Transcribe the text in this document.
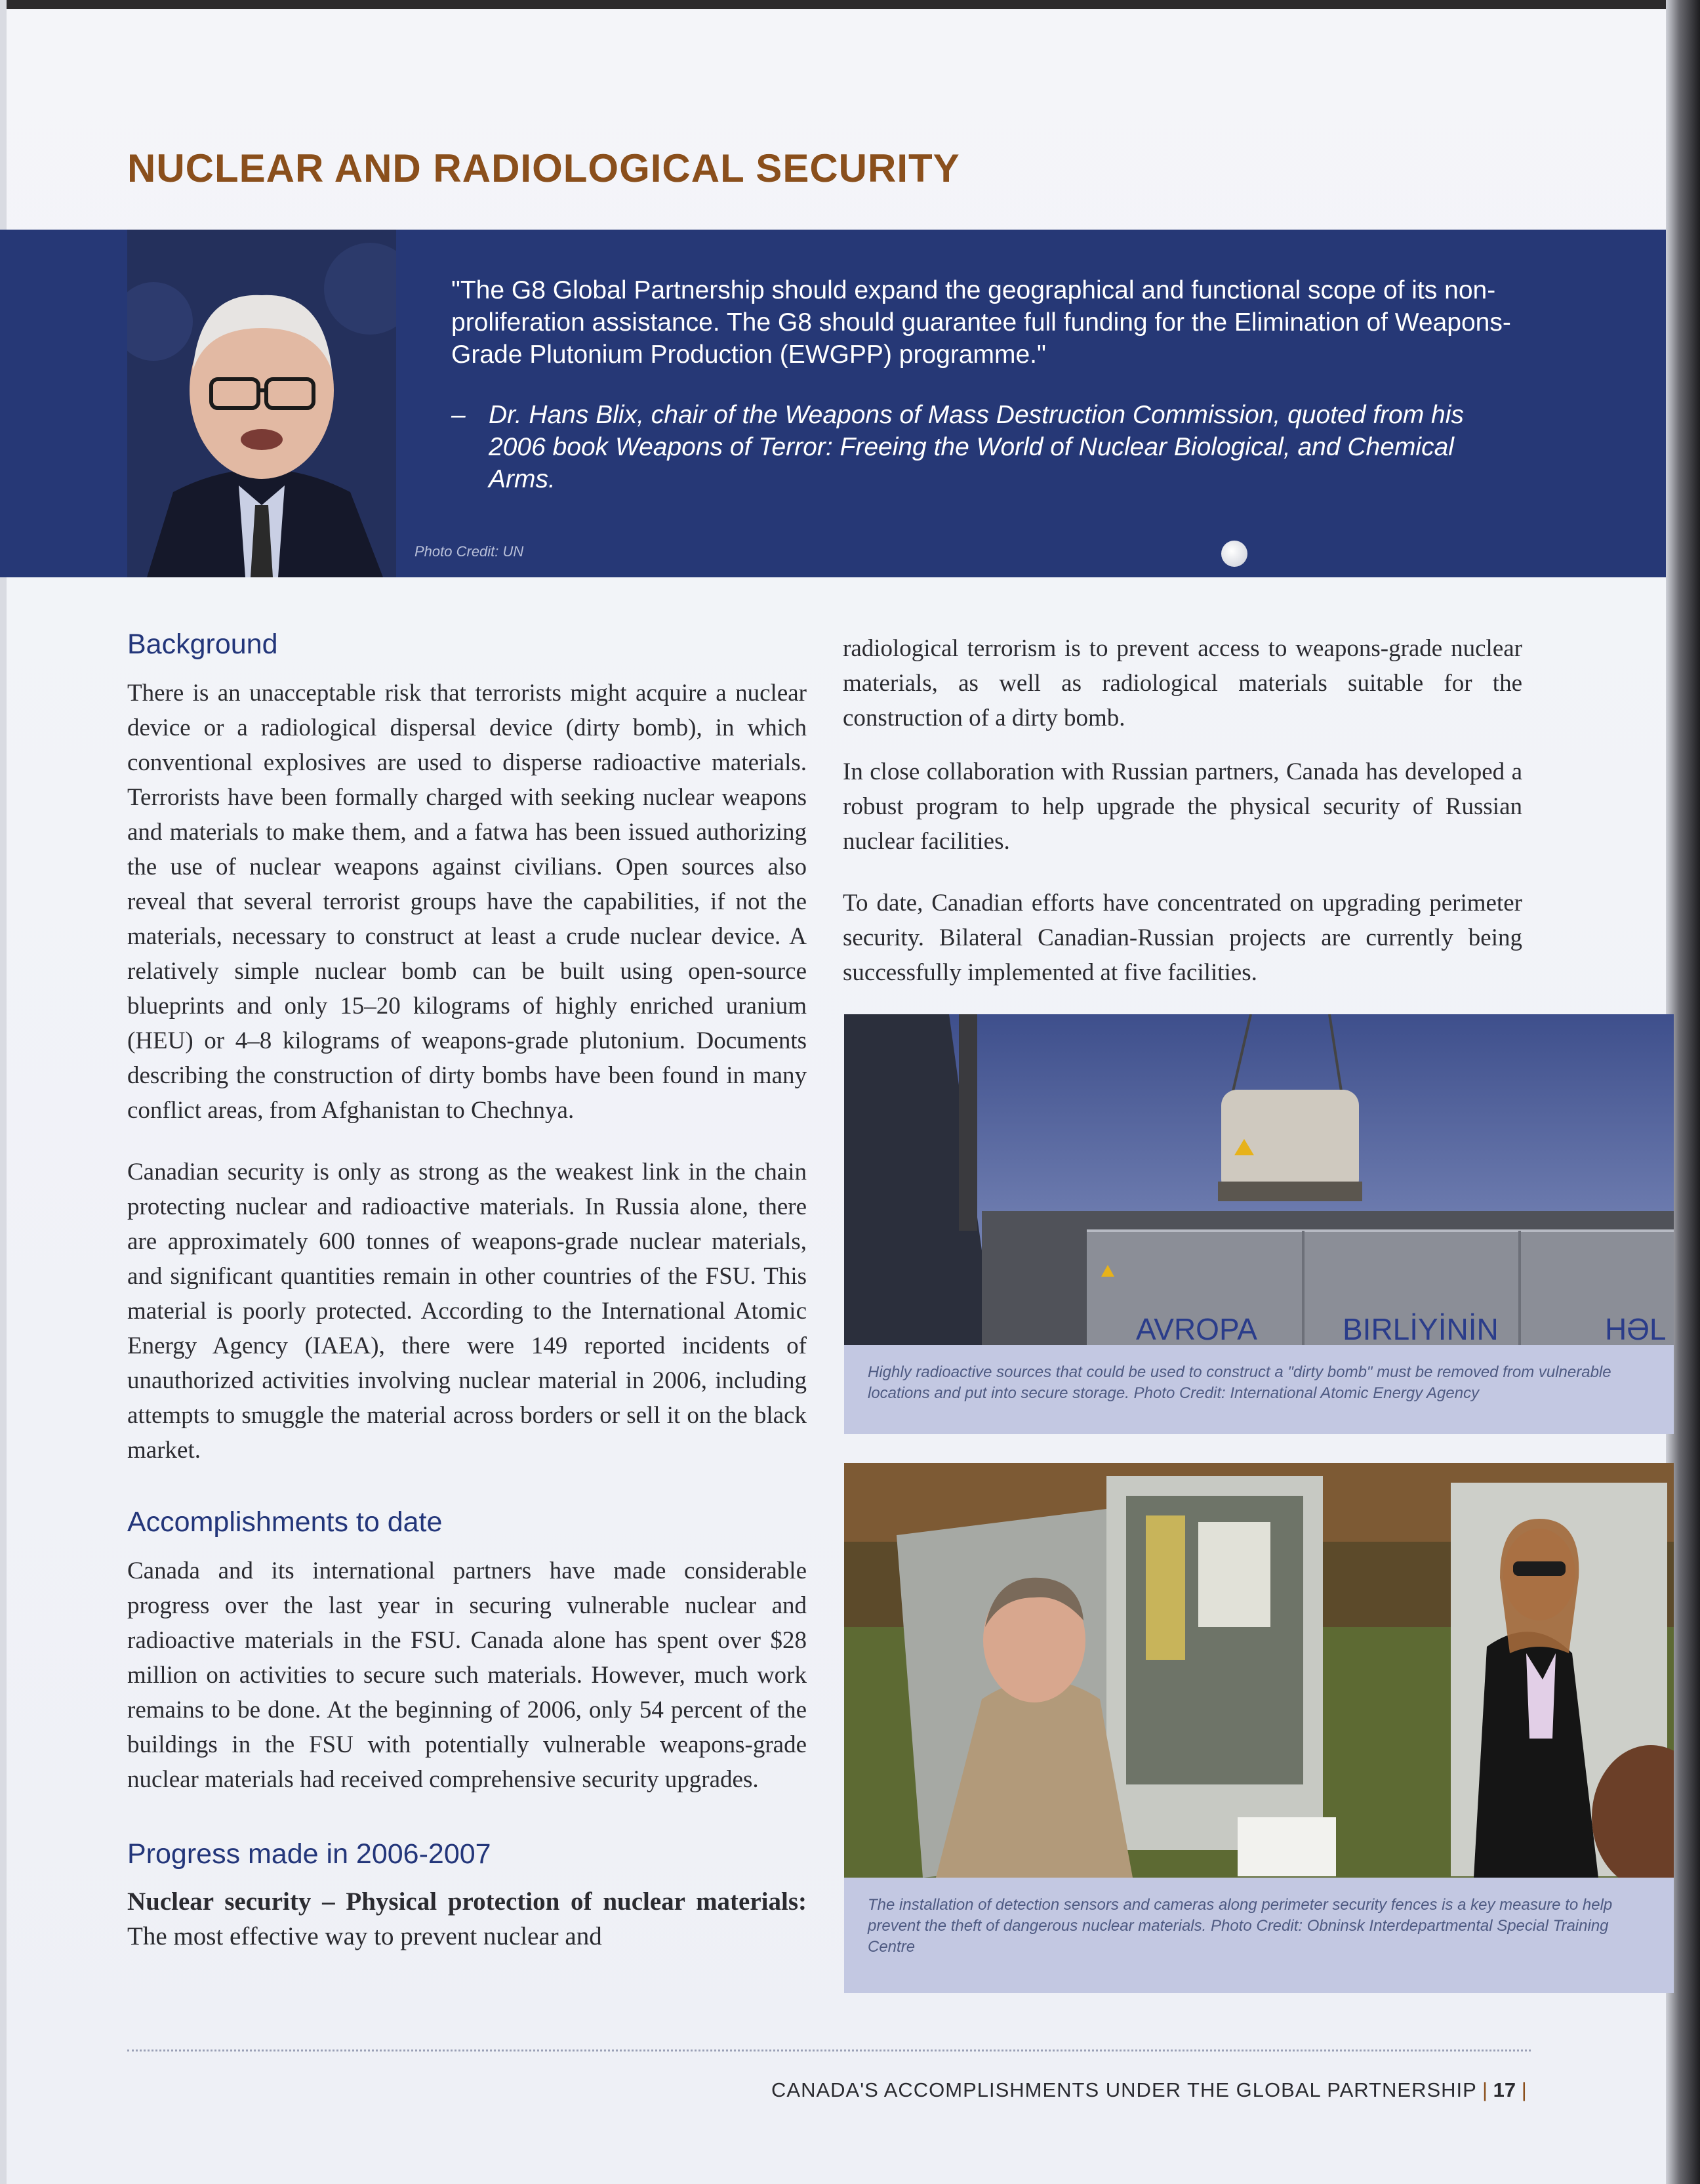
NUCLEAR AND RADIOLOGICAL SECURITY

"The G8 Global Partnership should expand the geographical and functional scope of its non-proliferation assistance. The G8 should guarantee full funding for the Elimination of Weapons-Grade Plutonium Production (EWGPP) programme."

– Dr. Hans Blix, chair of the Weapons of Mass Destruction Commission, quoted from his 2006 book Weapons of Terror: Freeing the World of Nuclear Biological, and Chemical Arms.
Photo Credit: UN
Background

There is an unacceptable risk that terrorists might acquire a nuclear device or a radiological dispersal device (dirty bomb), in which conventional explosives are used to disperse radioactive materials. Terrorists have been formally charged with seeking nuclear weapons and materials to make them, and a fatwa has been issued authorizing the use of nuclear weapons against civilians. Open sources also reveal that several terrorist groups have the capabilities, if not the materials, necessary to construct at least a crude nuclear device. A relatively simple nuclear bomb can be built using open-source blueprints and only 15–20 kilograms of highly enriched uranium (HEU) or 4–8 kilograms of weapons-grade plutonium. Documents describing the construction of dirty bombs have been found in many conflict areas, from Afghanistan to Chechnya.

Canadian security is only as strong as the weakest link in the chain protecting nuclear and radioactive materials. In Russia alone, there are approximately 600 tonnes of weapons-grade nuclear materials, and significant quantities remain in other countries of the FSU. This material is poorly protected. According to the International Atomic Energy Agency (IAEA), there were 149 reported incidents of unauthorized activities involving nuclear material in 2006, including attempts to smuggle the material across borders or sell it on the black market.

Accomplishments to date

Canada and its international partners have made considerable progress over the last year in securing vulnerable nuclear and radioactive materials in the FSU. Canada alone has spent over $28 million on activities to secure such materials. However, much work remains to be done. At the beginning of 2006, only 54 percent of the buildings in the FSU with potentially vulnerable weapons-grade nuclear materials had received comprehensive security upgrades.

Progress made in 2006-2007

Nuclear security – Physical protection of nuclear materials: The most effective way to prevent nuclear and

radiological terrorism is to prevent access to weapons-grade nuclear materials, as well as radiological materials suitable for the construction of a dirty bomb.

In close collaboration with Russian partners, Canada has developed a robust program to help upgrade the physical security of Russian nuclear facilities.

To date, Canadian efforts have concentrated on upgrading perimeter security. Bilateral Canadian-Russian projects are currently being successfully implemented at five facilities.

AVROPA	BIRLİYİNİN	HƏL
Highly radioactive sources that could be used to construct a "dirty bomb" must be removed from vulnerable locations and put into secure storage. Photo Credit: International Atomic Energy Agency
The installation of detection sensors and cameras along perimeter security fences is a key measure to help prevent the theft of dangerous nuclear materials. Photo Credit: Obninsk Interdepartmental Special Training Centre
CANADA'S ACCOMPLISHMENTS UNDER THE GLOBAL PARTNERSHIP | 17 |
